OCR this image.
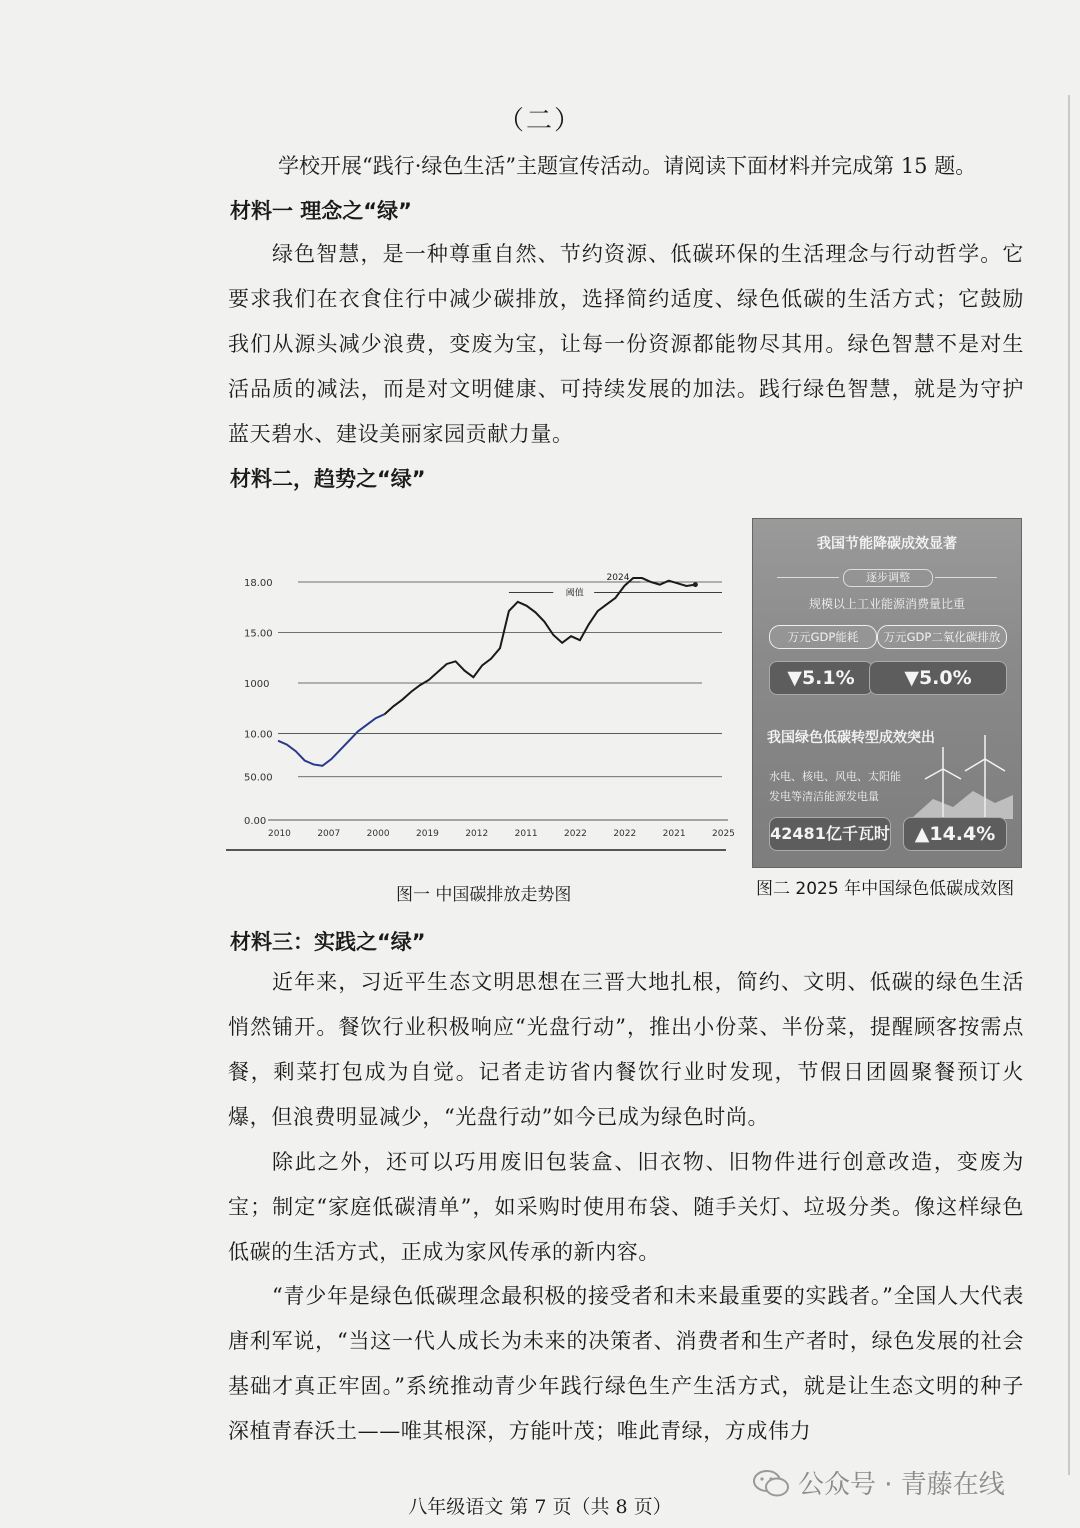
（二）
学校开展“践行·绿色生活”主题宣传活动。请阅读下面材料并完成第 15 题。
材料一 理念之“绿”
绿色智慧，是一种尊重自然、节约资源、低碳环保的生活理念与行动哲学。它要求我们在衣食住行中减少碳排放，选择简约适度、绿色低碳的生活方式；它鼓励我们从源头减少浪费，变废为宝，让每一份资源都能物尽其用。绿色智慧不是对生活品质的减法，而是对文明健康、可持续发展的加法。践行绿色智慧，就是为守护蓝天碧水、建设美丽家园贡献力量。
材料二，趋势之“绿”
0.00
50.00
10.00
1000
15.00
18.00
2010	2007	2000	2019	2012	2011	2022	2022	2021	2025
2024
阈值
我国节能降碳成效显著
逐步调整
规模以上工业能源消费量比重
万元GDP能耗	万元GDP二氧化碳排放
▼5.1%	▼5.0%
我国绿色低碳转型成效突出
水电、核电、风电、太阳能发电等清洁能源发电量
42481亿千瓦时	▲14.4%
图一 中国碳排放走势图	图二 2025 年中国绿色低碳成效图
材料三：实践之“绿”
近年来，习近平生态文明思想在三晋大地扎根，简约、文明、低碳的绿色生活悄然铺开。餐饮行业积极响应“光盘行动”，推出小份菜、半份菜，提醒顾客按需点餐，剩菜打包成为自觉。记者走访省内餐饮行业时发现，节假日团圆聚餐预订火爆，但浪费明显减少，“光盘行动”如今已成为绿色时尚。
除此之外，还可以巧用废旧包装盒、旧衣物、旧物件进行创意改造，变废为宝；制定“家庭低碳清单”，如采购时使用布袋、随手关灯、垃圾分类。像这样绿色低碳的生活方式，正成为家风传承的新内容。
“青少年是绿色低碳理念最积极的接受者和未来最重要的实践者。”全国人大代表唐利军说，“当这一代人成长为未来的决策者、消费者和生产者时，绿色发展的社会基础才真正牢固。”系统推动青少年践行绿色生产生活方式，就是让生态文明的种子深植青春沃土——唯其根深，方能叶茂；唯此青绿，方成伟力
公众号 · 青藤在线
八年级语文 第 7 页（共 8 页）
